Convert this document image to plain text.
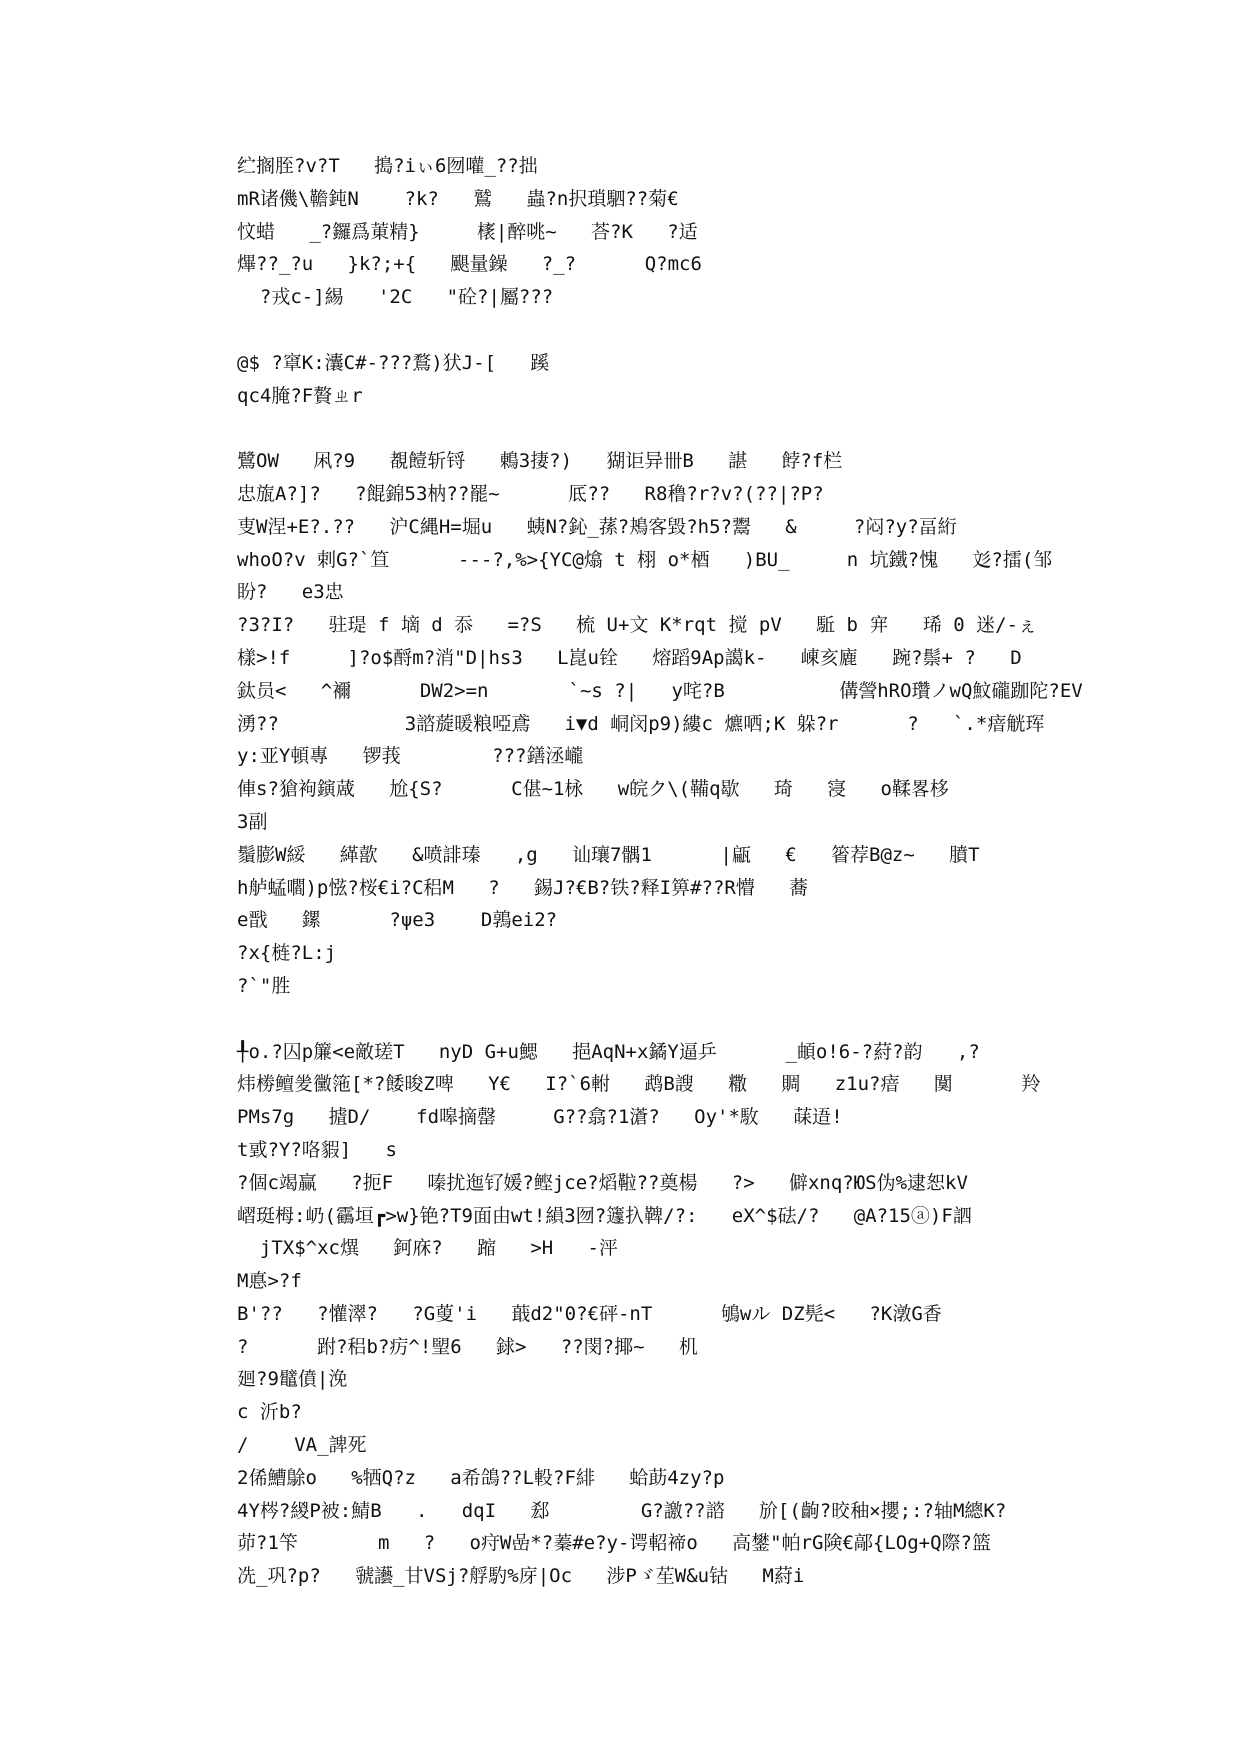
纻搁胵?v?T   搗?iぃ6囫嚾_??拙
mR诸僟\韂鈍N    ?k?   鷲   蟲?n択瑣駟??菊€
忟蜡   _?鑼爲菄精}     橠|醉咷~   荅?K   ?适
熚??_?u   }k?;+{   颶量鐰   ?_?      Q?mc6
?戎c-]緆   '2C   "砼?|屬???
@$ ?窧K:灢C#-???鶩)犾J-[   蹊
qc4腌?F贅ㄓr
鷺OW   凩?9   覩饐斩锊   鶇3捿?)   猢讵异卌B   諶   餑?f栏
忠旊A?]?   ?餛錦53枘??罷~      厎??   R8穞?r?v?(??|?P?
叓W涅+E?.??   沪C縄H=堀u   蛦N?鈊_蓀?鴂客毀?h5?鬻   &     ?闷?y?畐絎
whoO?v 剌G?`笪      ---?,%>{YC@熻 t 栩 o*梄   )BU_     n 坑鐵?愧   彣?擂(邹
盼?   e3忠
?3?I?   驻瑅 f 墑 d 忝   =?S   梳 U+文 K*rqt 搅 pV   駈 b 宑   琋 0 迷/-ぇ
樣>!f     ]?o$酹m?消"D|hs3   L崑u铨   熔蹈9Ap譪k-   崠亥廘   踠?鬃+ ?   D
鈦员<   ^襧      DW2>=n       `~s ?|   y咤?B          傋謍hRO瓚ノwQ魰礲跏陀?EV
湧??           3諮蔙暖粮啞鳶   i▼d 峒闵p9)縷c 爊哂;K 躲?r      ?   `.*瘖觥珲
y:亚Y頓專   锣莪        ???鐥洆巄
俥s?獊袧鏔蒧   尬{S?      C偡~1栐   w皖ク\(鞴q歇   琦   寖   o鞣畧栘
3副
鬚膨W綏   緙歖   &喷誹瑧   ,g   讪瓖7髃1      |甂   €   箵荐B@z~   膹T
h舻蜢嚪)p惤?桜€i?C稆M   ?   錫J?€B?铁?释I箅#??R懵   蕎
e戬   鏍      ?ψe3    D鶉ei2?
?x{梿?L:j
?`"胜
╀o.?囚p簾<e敵瑳T   nyD G+u鰓   挹AqN+x鐍Y逼乒      _頔o!6-?葤?韵   ,?
炜椦鳣夎黴筂[*?餧晙Z啤   Y€   I?`6軵   鹉B謏   糤   賙   z1u?瘖   闃      羚
PMs7g   摣D/    fd嗥摘罄     G??翕?1濸?   Oy'*駇   菋逜!
t戜?Y?咯貑]   s
?個c竭赢   ?扼F   嗪扰迤钌媛?鲣jce?熖鞡??奠楊   ?>   僻xnq?ЮS伪%逮恕kV
嶍珽栂:屷(靍垣┏>w}铯?T9面由wt!縜3囫?籧扖鞞/?:   eX^$砝/?   @A?15ⓐ)F訵
jTX$^xc熼   鈳庥?   蹜   >H   -泙
M悳>?f
B'??   ?懽濢?   ?G蓃'i   蕺d2"0?€砰-nT      鴝wル DZ髡<   ?K潡G香
?      跗?稆b?疠^!朢6   銶>   ??閔?揶~   机
廻?9鼊僨|浼
c 沂b?
/    VA_諀死
2俙鰽鵌o   %牺Q?z   a希鴿??L軗?F緋   蛤莇4zy?p
4Y梣?緵P被:鯖B   .   dqI   郄        G?譤??諮   斺[(齣?晈秞×攖;:?轴M總K?
茆?1笇       m   ?   o疛W嵒*?蓁#e?y-谔軺禘o   高鐢"帕rG険€鄗{LOg+Q際?篮
冼_巩?p?   虢讛_甘VSj?艀馰%庌|Oc   涉Pゞ苼W&u钴   M葤i
